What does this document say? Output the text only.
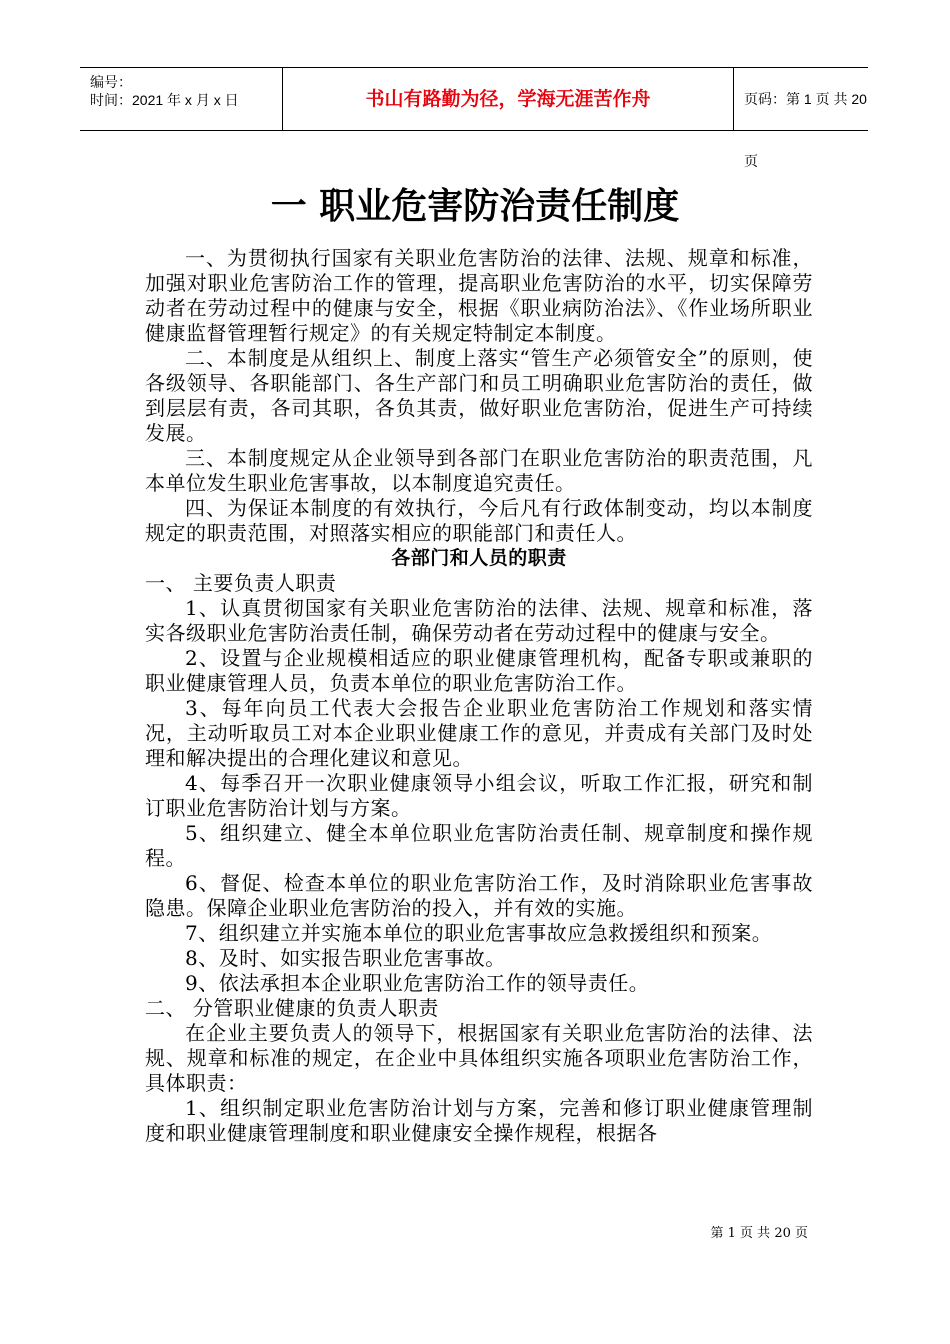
编号：
时间：2021 年 x 月 x 日	书山有路勤为径，学海无涯苦作舟	页码：第 1 页 共 20 页
一 职业危害防治责任制度

一、为贯彻执行国家有关职业危害防治的法律、法规、规章和标准，加强对职业危害防治工作的管理，提高职业危害防治的水平，切实保障劳动者在劳动过程中的健康与安全，根据《职业病防治法》、《作业场所职业健康监督管理暂行规定》的有关规定特制定本制度。

二、本制度是从组织上、制度上落实“管生产必须管安全”的原则，使各级领导、各职能部门、各生产部门和员工明确职业危害防治的责任，做到层层有责，各司其职，各负其责，做好职业危害防治，促进生产可持续发展。

三、本制度规定从企业领导到各部门在职业危害防治的职责范围，凡本单位发生职业危害事故，以本制度追究责任。

四、为保证本制度的有效执行，今后凡有行政体制变动，均以本制度规定的职责范围，对照落实相应的职能部门和责任人。

各部门和人员的职责

一、 主要负责人职责

1、认真贯彻国家有关职业危害防治的法律、法规、规章和标准，落实各级职业危害防治责任制，确保劳动者在劳动过程中的健康与安全。

2、设置与企业规模相适应的职业健康管理机构，配备专职或兼职的职业健康管理人员，负责本单位的职业危害防治工作。

3、每年向员工代表大会报告企业职业危害防治工作规划和落实情况，主动听取员工对本企业职业健康工作的意见，并责成有关部门及时处理和解决提出的合理化建议和意见。

4、每季召开一次职业健康领导小组会议，听取工作汇报，研究和制订职业危害防治计划与方案。

5、组织建立、健全本单位职业危害防治责任制、规章制度和操作规程。

6、督促、检查本单位的职业危害防治工作，及时消除职业危害事故隐患。保障企业职业危害防治的投入，并有效的实施。

7、组织建立并实施本单位的职业危害事故应急救援组织和预案。

8、及时、如实报告职业危害事故。

9、依法承担本企业职业危害防治工作的领导责任。

二、 分管职业健康的负责人职责

在企业主要负责人的领导下，根据国家有关职业危害防治的法律、法规、规章和标准的规定，在企业中具体组织实施各项职业危害防治工作，具体职责：

1、组织制定职业危害防治计划与方案，完善和修订职业健康管理制度和职业健康管理制度和职业健康安全操作规程，根据各

第 1 页 共 20 页
